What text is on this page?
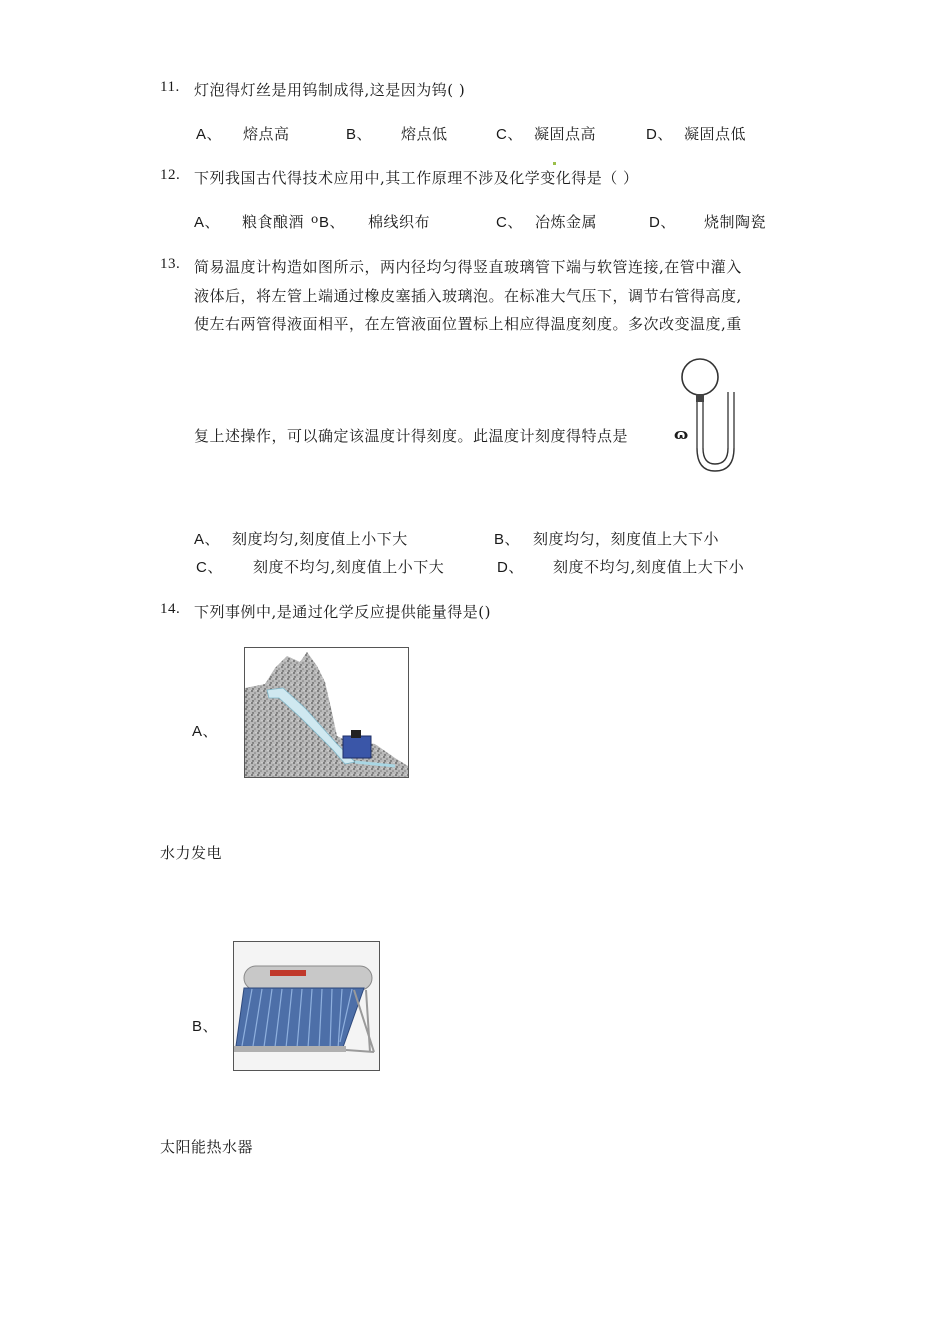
11. 灯泡得灯丝是用钨制成得,这是因为钨( )
A、 熔点高	B、 熔点低	C、 凝固点高	D、 凝固点低
12. 下列我国古代得技术应用中,其工作原理不涉及化学变化得是（ ）
A、 粮食酿酒 o B、 棉线织布	C、 冶炼金属	D、 烧制陶瓷
13. 简易温度计构造如图所示，两内径均匀得竖直玻璃管下端与软管连接,在管中灌入
液体后，将左管上端通过橡皮塞插入玻璃泡。在标准大气压下，调节右管得高度,
使左右两管得液面相平，在左管液面位置标上相应得温度刻度。多次改变温度,重
复上述操作，可以确定该温度计得刻度。此温度计刻度得特点是	ɷ
A、 刻度均匀,刻度值上小下大	B、 刻度均匀，刻度值上大下小
C、 刻度不均匀,刻度值上小下大	D、 刻度不均匀,刻度值上大下小
14. 下列事例中,是通过化学反应提供能量得是()
A、
水力发电
B、
太阳能热水器
